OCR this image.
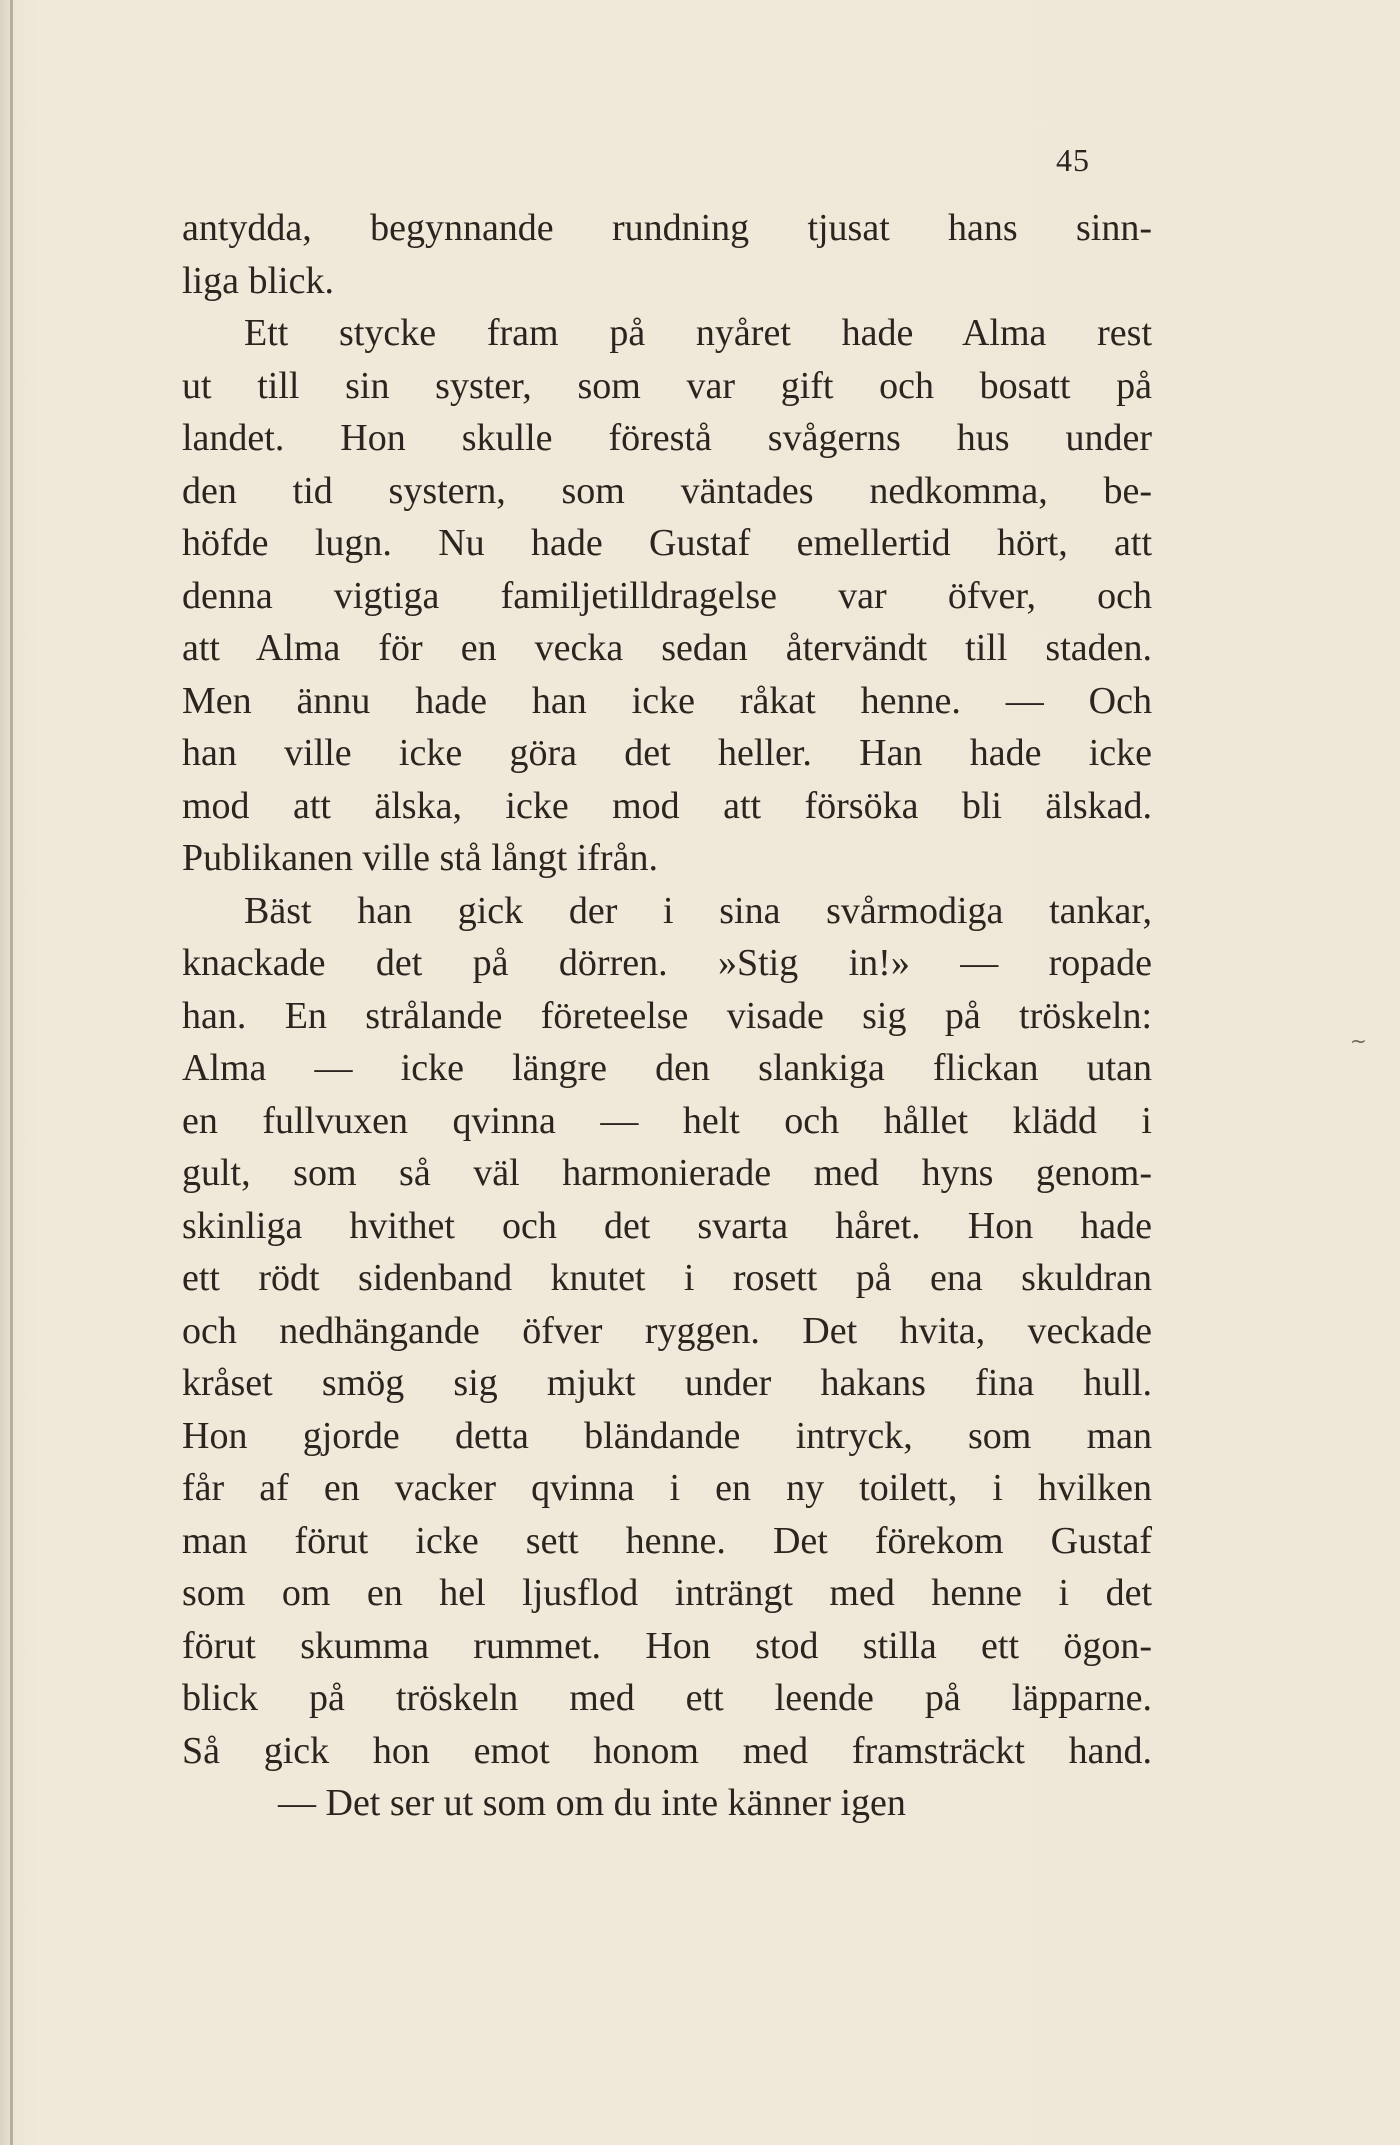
45
antydda, begynnande rundning tjusat hans sinn-
liga blick.
Ett stycke fram på nyåret hade Alma rest
ut till sin syster, som var gift och bosatt på
landet. Hon skulle förestå svågerns hus under
den tid systern, som väntades nedkomma, be-
höfde lugn. Nu hade Gustaf emellertid hört, att
denna vigtiga familjetilldragelse var öfver, och
att Alma för en vecka sedan återvändt till staden.
Men ännu hade han icke råkat henne. — Och
han ville icke göra det heller. Han hade icke
mod att älska, icke mod att försöka bli älskad.
Publikanen ville stå långt ifrån.
Bäst han gick der i sina svårmodiga tankar,
knackade det på dörren. »Stig in!» — ropade
han. En strålande företeelse visade sig på tröskeln:
Alma — icke längre den slankiga flickan utan
en fullvuxen qvinna — helt och hållet klädd i
gult, som så väl harmonierade med hyns genom-
skinliga hvithet och det svarta håret. Hon hade
ett rödt sidenband knutet i rosett på ena skuldran
och nedhängande öfver ryggen. Det hvita, veckade
kråset smög sig mjukt under hakans fina hull.
Hon gjorde detta bländande intryck, som man
får af en vacker qvinna i en ny toilett, i hvilken
man förut icke sett henne. Det förekom Gustaf
som om en hel ljusflod inträngt med henne i det
förut skumma rummet. Hon stod stilla ett ögon-
blick på tröskeln med ett leende på läpparne.
Så gick hon emot honom med framsträckt hand.
— Det ser ut som om du inte känner igen
~
